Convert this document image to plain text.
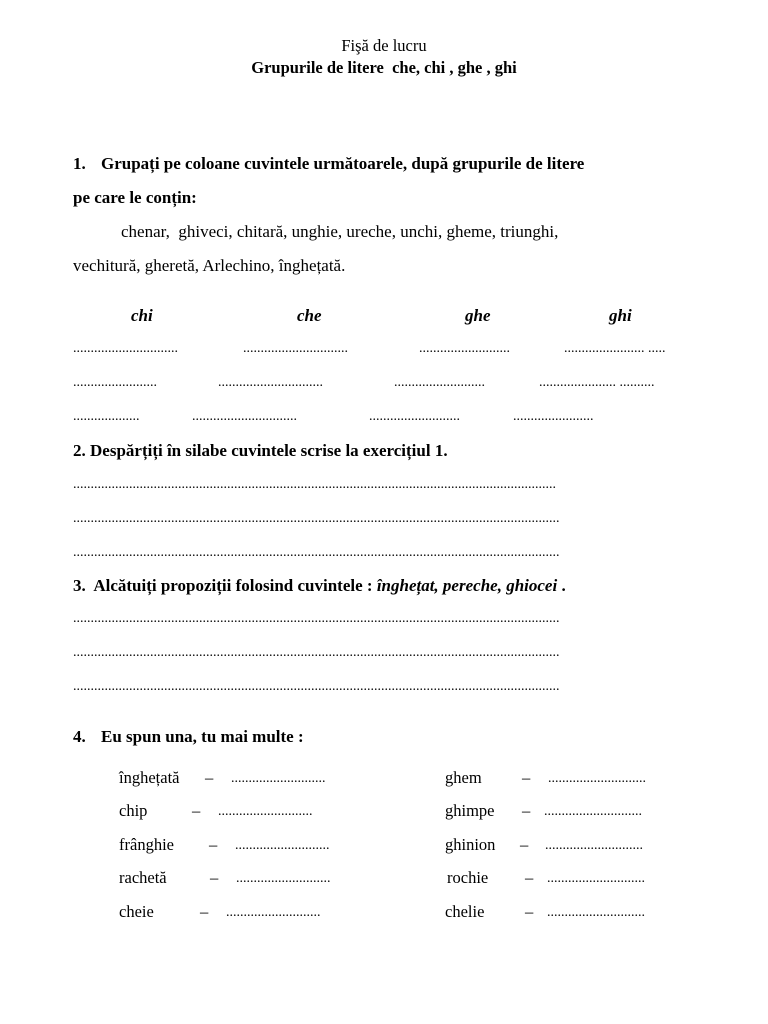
Fişă de lucru
Grupurile de litere  che, chi , ghe , ghi
1. Grupați pe coloane cuvintele următoarele, după grupurile de litere
pe care le conțin:
chenar,  ghiveci, chitară, unghie, ureche, unchi, gheme, triunghi,
vechitură, gheretă, Arlechino, înghețată.
chi	che	ghe	ghi
..............................	..............................	..........................	....................... .....
........................	..............................	..........................	...................... ..........
...................	..............................	..........................	.......................
2. Despărțiți în silabe cuvintele scrise la exercițiul 1.
..........................................................................................................................................
...........................................................................................................................................
...........................................................................................................................................
3. Alcătuiți propoziții folosind cuvintele : înghețat, pereche, ghiocei .
...........................................................................................................................................
...........................................................................................................................................
...........................................................................................................................................
4. Eu spun una, tu mai multe :
înghețată – ...........................
chip	– ...........................
frânghie – ...........................
rachetă	– ...........................
cheie	– ...........................
ghem – ............................
ghimpe – ............................
ghinion – ............................
rochie – ............................
chelie – ............................
